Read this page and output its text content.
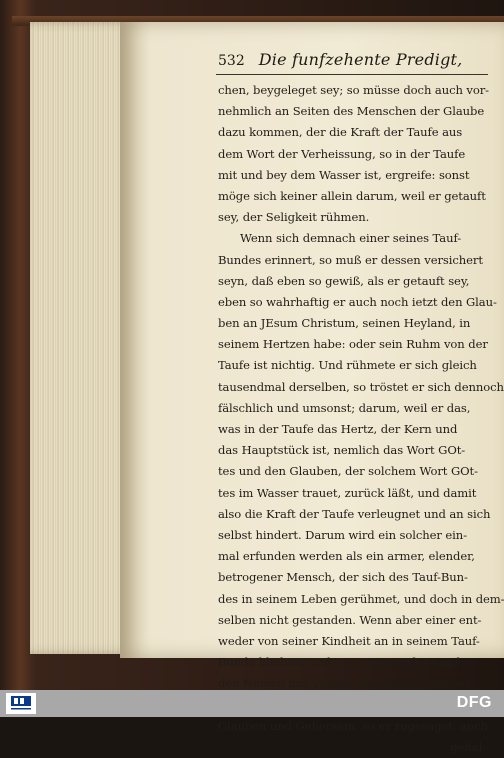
532 Die funfzehente Predigt,
chen, beygeleget sey; so müsse doch auch vor-
nehmlich an Seiten des Menschen der Glaube
dazu kommen, der die Kraft der Taufe aus
dem Wort der Verheissung, so in der Taufe
mit und bey dem Wasser ist, ergreife: sonst
möge sich keiner allein darum, weil er getauft
sey, der Seligkeit rühmen.
Wenn sich demnach einer seines Tauf-
Bundes erinnert, so muß er dessen versichert
seyn, daß eben so gewiß, als er getauft sey,
eben so wahrhaftig er auch noch ietzt den Glau-
ben an JEsum Christum, seinen Heyland, in
seinem Hertzen habe: oder sein Ruhm von der
Taufe ist nichtig. Und rühmete er sich gleich
tausendmal derselben, so tröstet er sich dennoch
fälschlich und umsonst; darum, weil er das,
was in der Taufe das Hertz, der Kern und
das Hauptstück ist, nemlich das Wort GOt-
tes und den Glauben, der solchem Wort GOt-
tes im Wasser trauet, zurück läßt, und damit
also die Kraft der Taufe verleugnet und an sich
selbst hindert. Darum wird ein solcher ein-
mal erfunden werden als ein armer, elender,
betrogener Mensch, der sich des Tauf-Bun-
des in seinem Leben gerühmet, und doch in dem-
selben nicht gestanden. Wenn aber einer ent-
weder von seiner Kindheit an in seinem Tauf-
Bunde blieben, und, wie er getauft ist auf
den Namen des Vaters, des Sohnes und des
Glauben und Gehorsam, so er zugesaget, auch
gehal-
DFG
